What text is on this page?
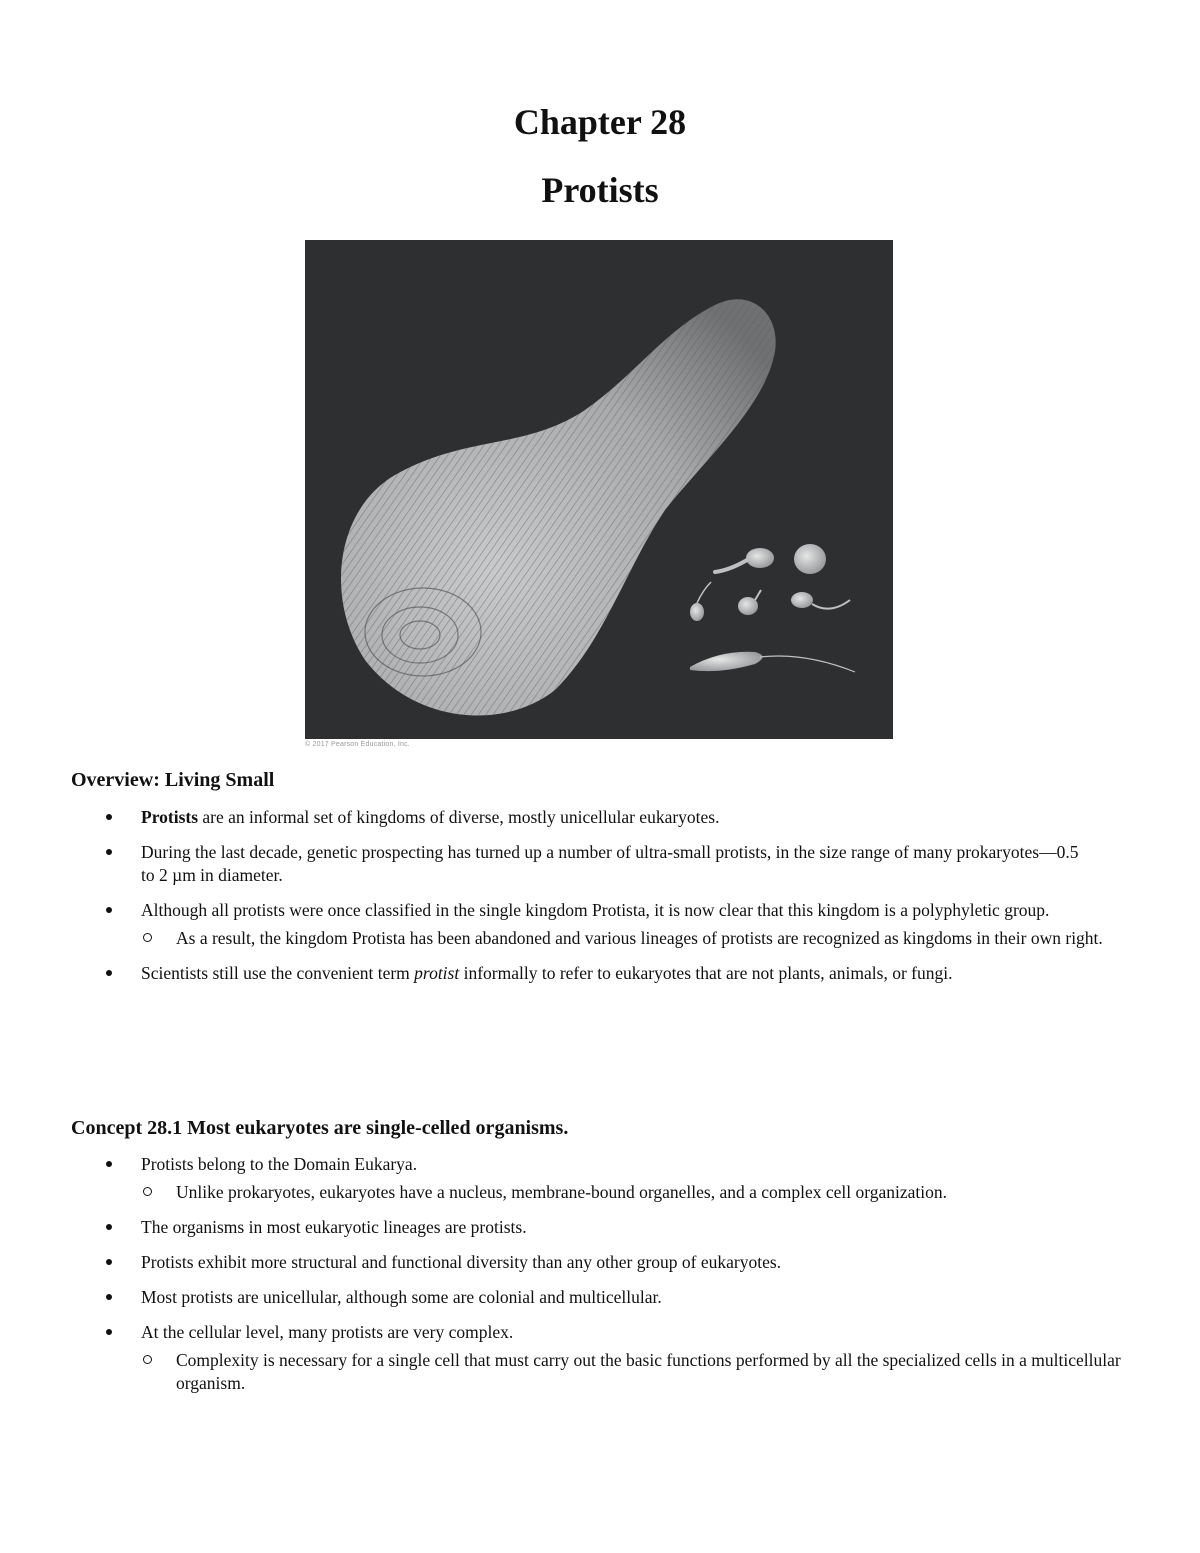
Chapter 28
Protists
© 2017 Pearson Education, Inc.
Overview: Living Small
Protists are an informal set of kingdoms of diverse, mostly unicellular eukaryotes.
During the last decade, genetic prospecting has turned up a number of ultra-small protists, in the size range of many prokaryotes—0.5 to 2 µm in diameter.
Although all protists were once classified in the single kingdom Protista, it is now clear that this kingdom is a polyphyletic group.
As a result, the kingdom Protista has been abandoned and various lineages of protists are recognized as kingdoms in their own right.
Scientists still use the convenient term protist informally to refer to eukaryotes that are not plants, animals, or fungi.
Concept 28.1 Most eukaryotes are single-celled organisms.
Protists belong to the Domain Eukarya.
Unlike prokaryotes, eukaryotes have a nucleus, membrane-bound organelles, and a complex cell organization.
The organisms in most eukaryotic lineages are protists.
Protists exhibit more structural and functional diversity than any other group of eukaryotes.
Most protists are unicellular, although some are colonial and multicellular.
At the cellular level, many protists are very complex.
Complexity is necessary for a single cell that must carry out the basic functions performed by all the specialized cells in a multicellular organism.
